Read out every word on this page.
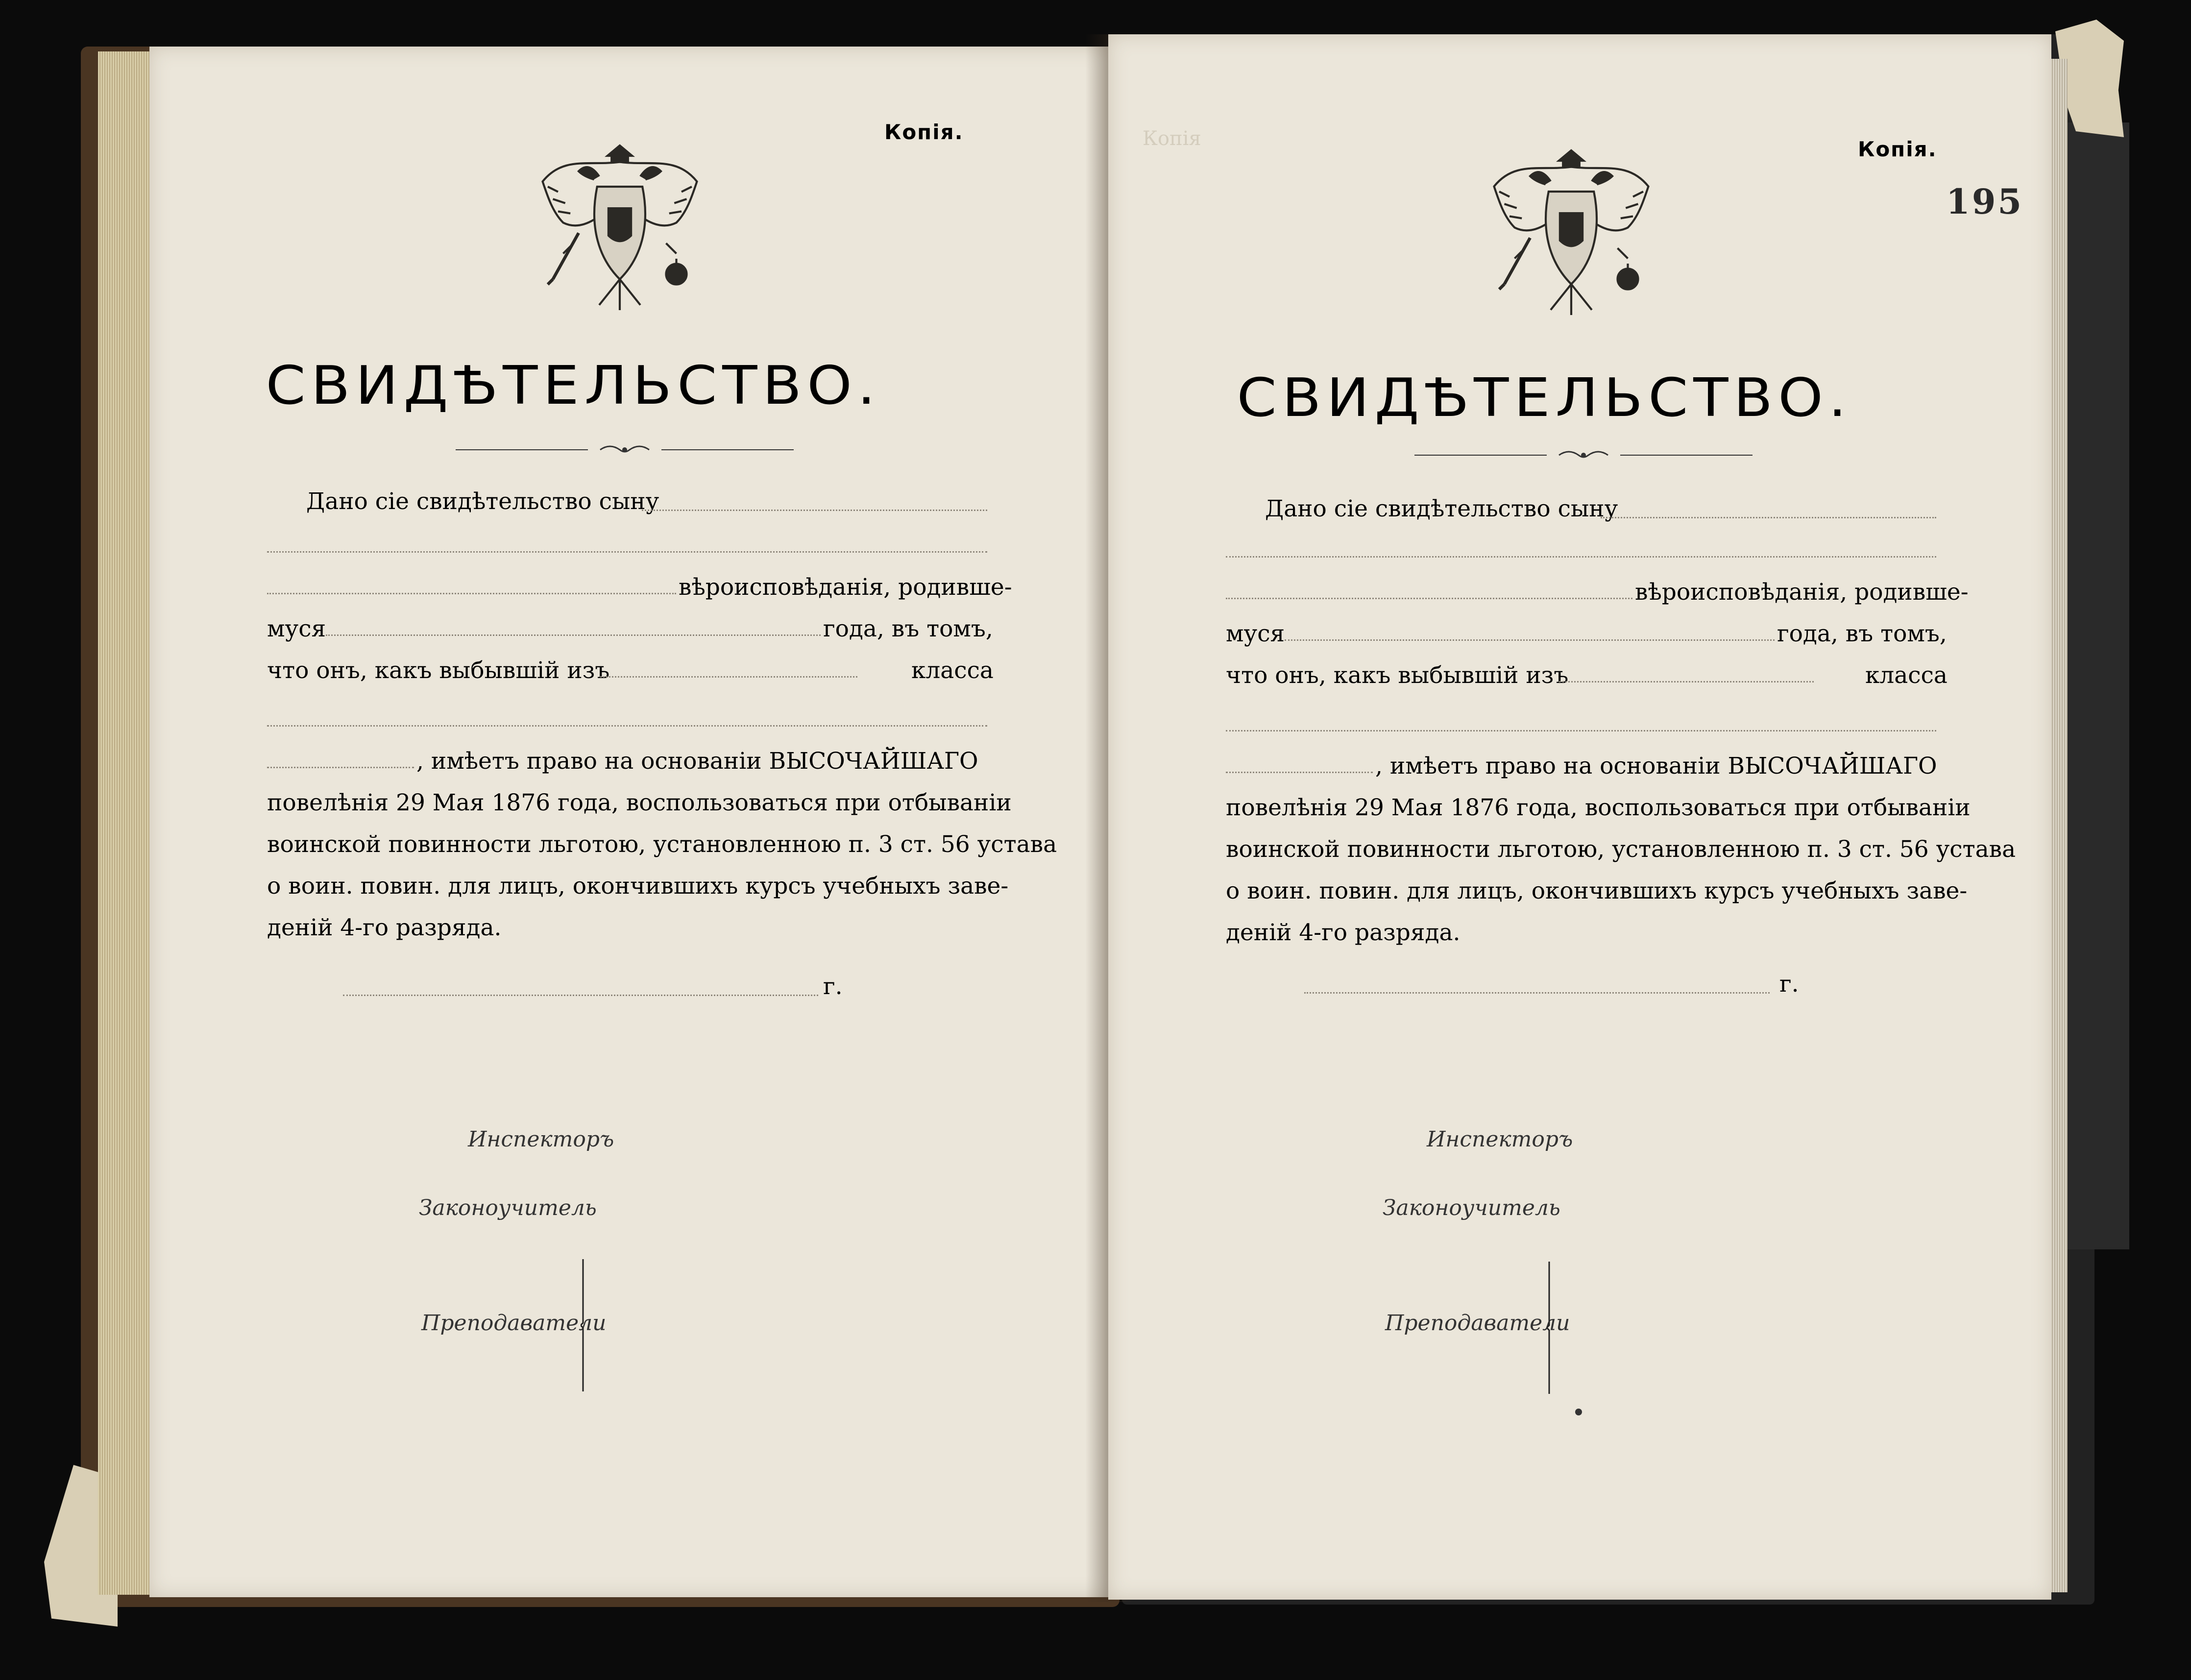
Копія.
СВИДѢТЕЛЬСТВО.
Дано сіе свидѣтельство сыну
вѣроисповѣданія, родивше-
муся	года, въ томъ,
что онъ, какъ выбывшій изъ	класса
, имѣетъ право на основанiи ВЫСОЧАЙШАГО
повелѣнія 29 Мая 1876 года, воспользоваться при отбываніи
воинской повинности льготою, установленною п. 3 ст. 56 устава
о воин. повин. для лицъ, окончившихъ курсъ учебныхъ заве-
деній 4-го разряда.
г.
Инспекторъ
Законоучитель
Преподаватели
Копія	Копія.
195
СВИДѢТЕЛЬСТВО.
Дано сіе свидѣтельство сыну
вѣроисповѣданія, родивше-
муся	года, въ томъ,
что онъ, какъ выбывшій изъ	класса
, имѣетъ право на основаніи ВЫСОЧАЙШАГО
повелѣнія 29 Мая 1876 года, воспользоваться при отбываніи
воинской повинности льготою, установленною п. 3 ст. 56 устава
о воин. повин. для лицъ, окончившихъ курсъ учебныхъ заве-
деній 4-го разряда.
г.
Инспекторъ
Законоучитель
Преподаватели
